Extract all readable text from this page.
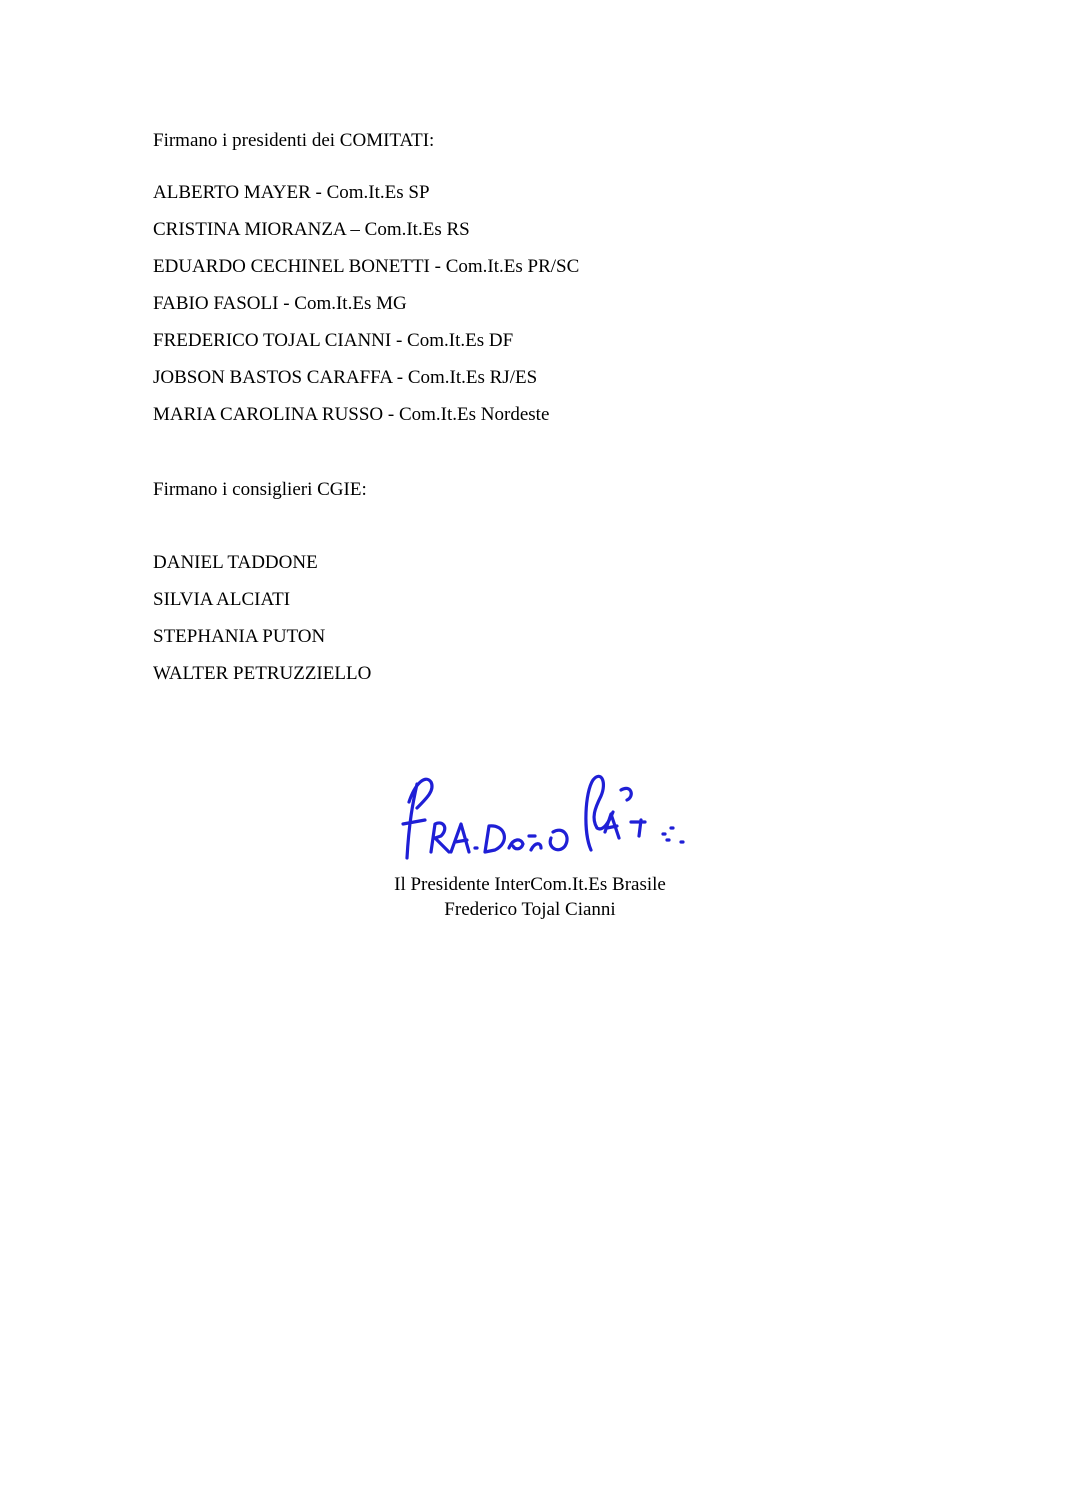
Firmano i presidenti dei COMITATI:
ALBERTO MAYER - Com.It.Es SP
CRISTINA MIORANZA – Com.It.Es RS
EDUARDO CECHINEL BONETTI - Com.It.Es PR/SC
FABIO FASOLI - Com.It.Es MG
FREDERICO TOJAL CIANNI - Com.It.Es DF
JOBSON BASTOS CARAFFA - Com.It.Es RJ/ES
MARIA CAROLINA RUSSO - Com.It.Es Nordeste
Firmano i consiglieri CGIE:
DANIEL TADDONE
SILVIA ALCIATI
STEPHANIA PUTON
WALTER PETRUZZIELLO
Il Presidente InterCom.It.Es Brasile
Frederico Tojal Cianni
